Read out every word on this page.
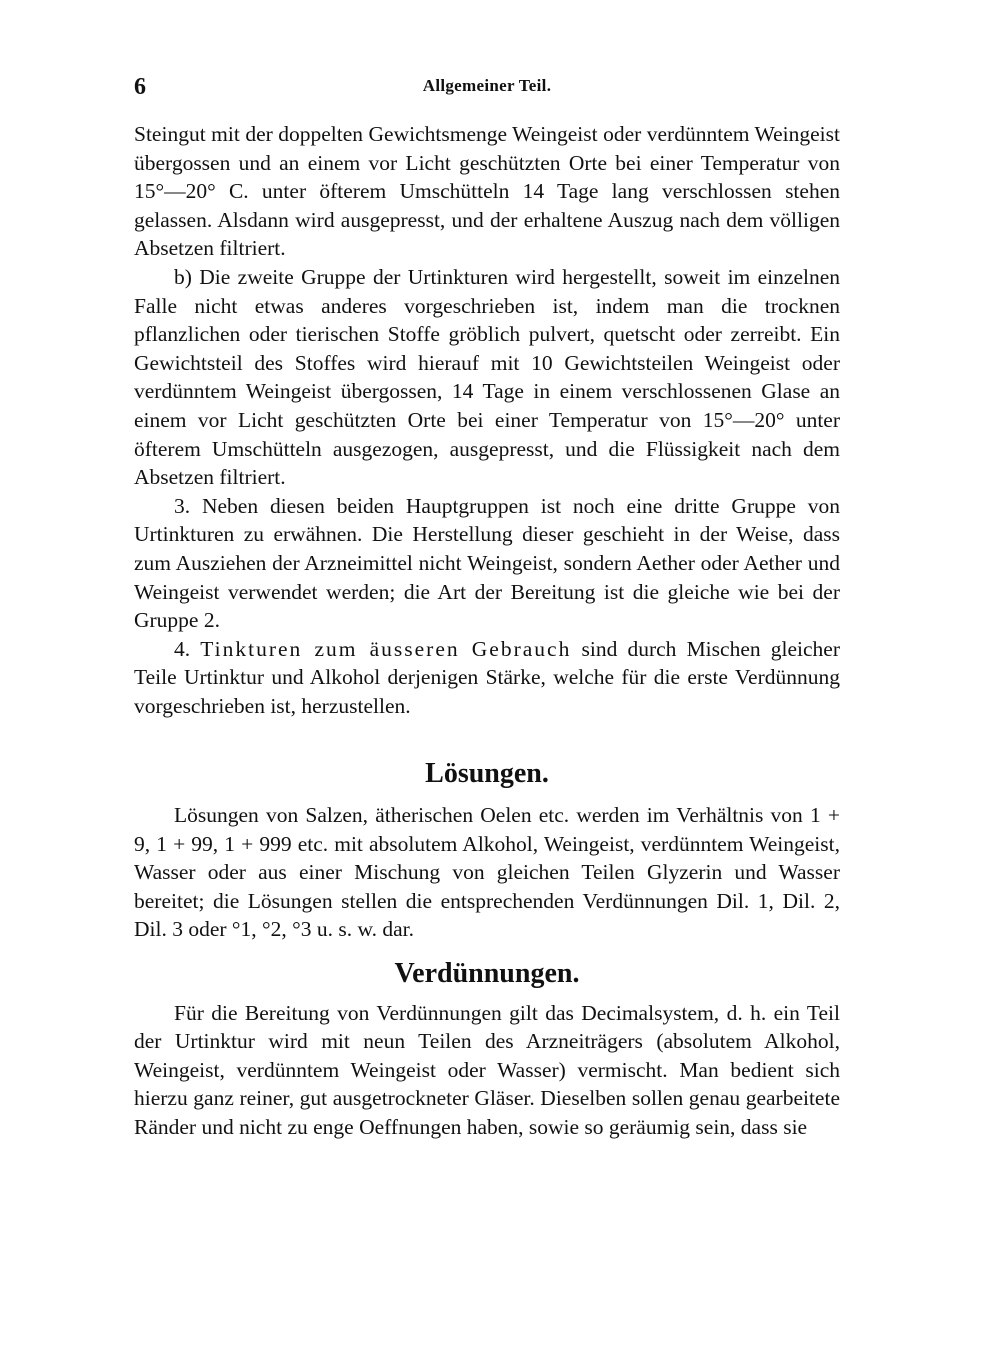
6	Allgemeiner Teil.

Steingut mit der doppelten Gewichtsmenge Weingeist oder verdünntem Weingeist übergossen und an einem vor Licht geschützten Orte bei einer Temperatur von 15°—20° C. unter öfterem Umschütteln 14 Tage lang verschlossen stehen gelassen. Alsdann wird ausgepresst, und der erhaltene Auszug nach dem völligen Absetzen filtriert.

b) Die zweite Gruppe der Urtinkturen wird hergestellt, soweit im einzelnen Falle nicht etwas anderes vorgeschrieben ist, indem man die trocknen pflanzlichen oder tierischen Stoffe gröblich pulvert, quetscht oder zerreibt. Ein Gewichtsteil des Stoffes wird hierauf mit 10 Gewichtsteilen Weingeist oder verdünntem Weingeist übergossen, 14 Tage in einem verschlossenen Glase an einem vor Licht geschützten Orte bei einer Temperatur von 15°—20° unter öfterem Umschütteln ausgezogen, ausgepresst, und die Flüssigkeit nach dem Absetzen filtriert.

3. Neben diesen beiden Hauptgruppen ist noch eine dritte Gruppe von Urtinkturen zu erwähnen. Die Herstellung dieser geschieht in der Weise, dass zum Ausziehen der Arzneimittel nicht Weingeist, sondern Aether oder Aether und Weingeist verwendet werden; die Art der Bereitung ist die gleiche wie bei der Gruppe 2.

4. Tinkturen zum äusseren Gebrauch sind durch Mischen gleicher Teile Urtinktur und Alkohol derjenigen Stärke, welche für die erste Verdünnung vorgeschrieben ist, herzustellen.

Lösungen.

Lösungen von Salzen, ätherischen Oelen etc. werden im Verhältnis von 1 + 9, 1 + 99, 1 + 999 etc. mit absolutem Alkohol, Weingeist, verdünntem Weingeist, Wasser oder aus einer Mischung von gleichen Teilen Glyzerin und Wasser bereitet; die Lösungen stellen die entsprechenden Verdünnungen Dil. 1, Dil. 2, Dil. 3 oder °1, °2, °3 u. s. w. dar.

Verdünnungen.

Für die Bereitung von Verdünnungen gilt das Decimalsystem, d. h. ein Teil der Urtinktur wird mit neun Teilen des Arzneiträgers (absolutem Alkohol, Weingeist, verdünntem Weingeist oder Wasser) vermischt. Man bedient sich hierzu ganz reiner, gut ausgetrockneter Gläser. Dieselben sollen genau gearbeitete Ränder und nicht zu enge Oeffnungen haben, sowie so geräumig sein, dass sie
